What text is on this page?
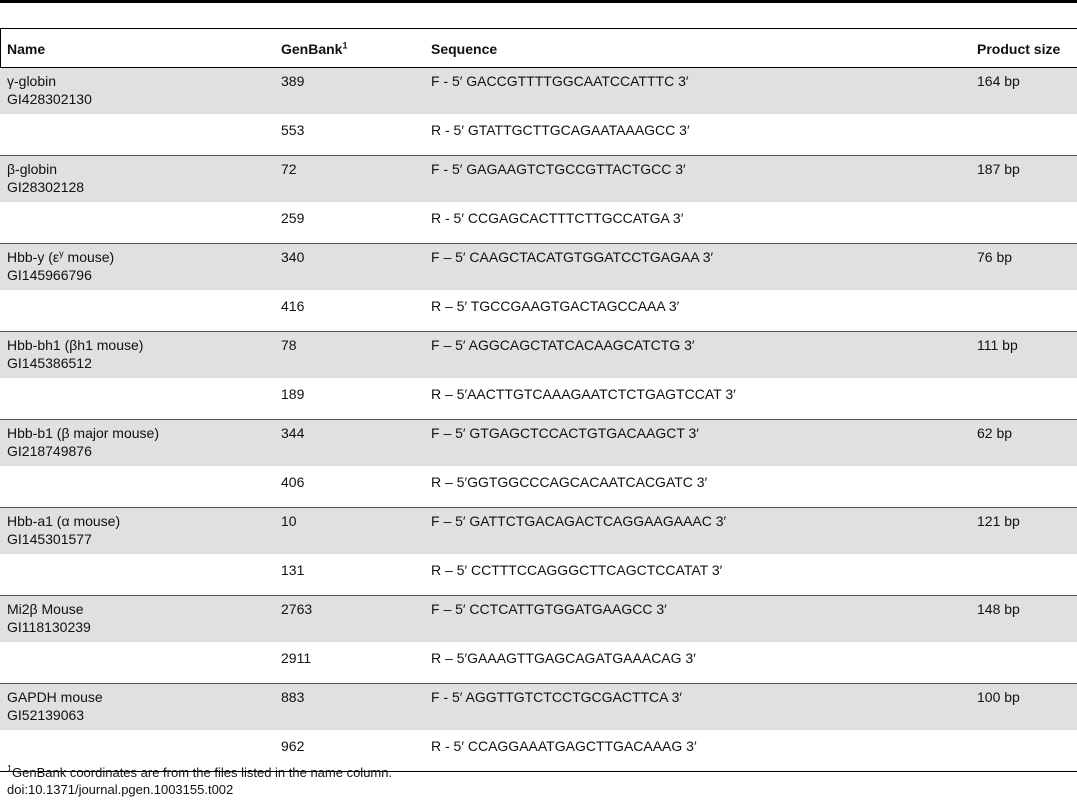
Name	GenBank$^1$	Sequence	Product size

γ-globin
GI428302130	389	F - 5′ GACCGTTTTGGCAATCCATTTC 3′	164 bp
	553	R - 5′ GTATTGCTTGCAGAATAAAGCC 3′	

β-globin
GI28302128	72	F - 5′ GAGAAGTCTGCCGTTACTGCC 3′	187 bp
	259	R - 5′ CCGAGCACTTTCTTGCCATGA 3′	

Hbb-y ($\varepsilon^y$ mouse)
GI145966796	340	F – 5′ CAAGCTACATGTGGATCCTGAGAA 3′	76 bp
	416	R – 5′ TGCCGAAGTGACTAGCCAAA 3′	

Hbb-bh1 (βh1 mouse)
GI145386512	78	F – 5′ AGGCAGCTATCACAAGCATCTG 3′	111 bp
	189	R – 5′AACTTGTCAAAGAATCTCTGAGTCCAT 3′	

Hbb-b1 (β major mouse)
GI218749876	344	F – 5′ GTGAGCTCCACTGTGACAAGCT 3′	62 bp
	406	R – 5′GGTGGCCCAGCACAATCACGATC 3′	

Hbb-a1 (α mouse)
GI145301577	10	F – 5′ GATTCTGACAGACTCAGGAAGAAAC 3′	121 bp
	131	R – 5′ CCTTTCCAGGGCTTCAGCTCCATAT 3′	

Mi2β Mouse
GI118130239	2763	F – 5′ CCTCATTGTGGATGAAGCC 3′	148 bp
	2911	R – 5′GAAAGTTGAGCAGATGAAACAG 3′	

GAPDH mouse
GI52139063	883	F - 5′ AGGTTGTCTCCTGCGACTTCA 3′	100 bp
	962	R - 5′ CCAGGAAATGAGCTTGACAAAG 3′	
$^1$GenBank coordinates are from the files listed in the name column.
doi:10.1371/journal.pgen.1003155.t002
